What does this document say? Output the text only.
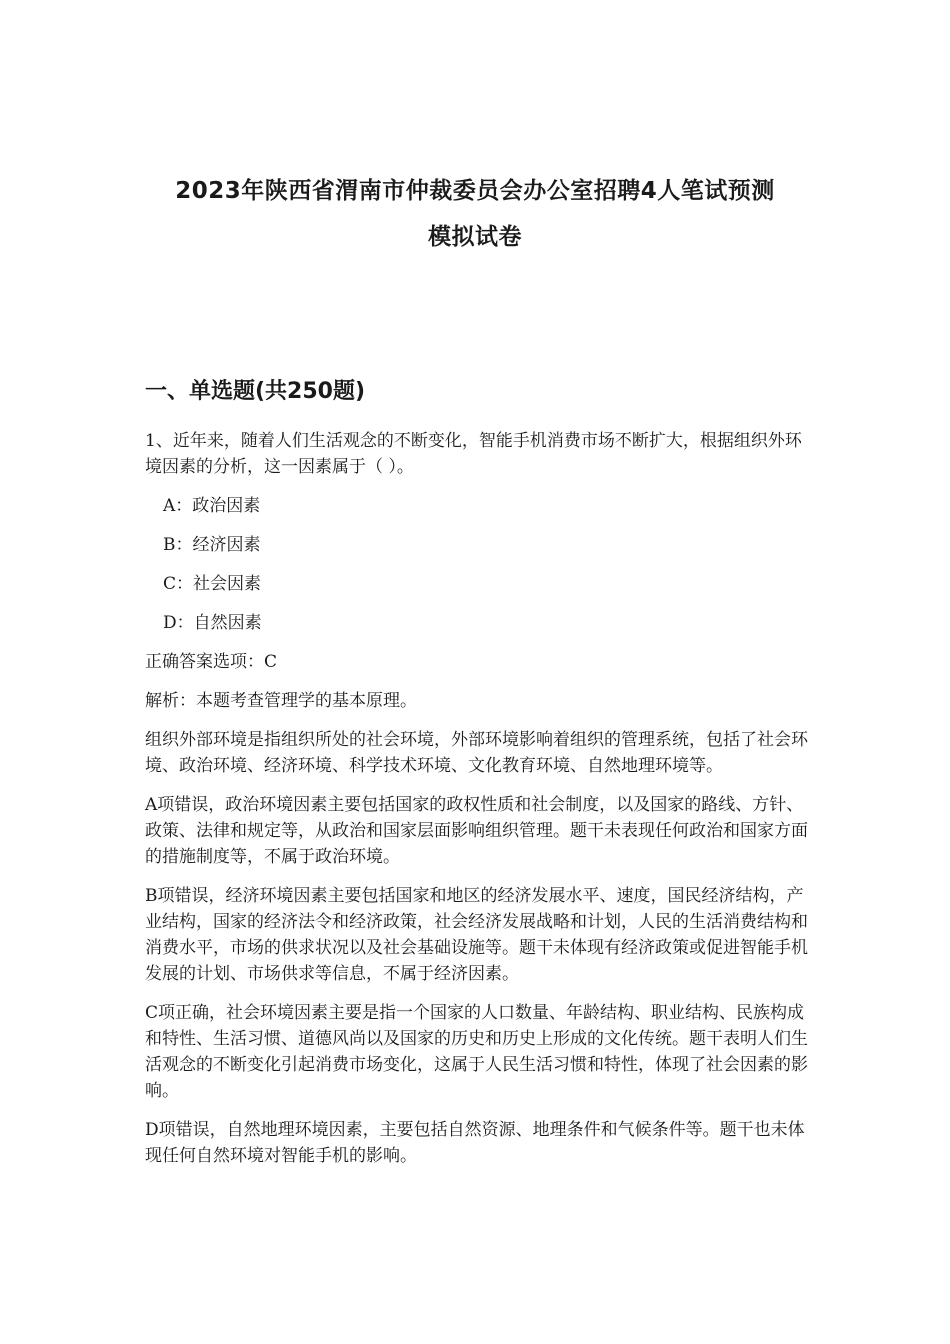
2023年陕西省渭南市仲裁委员会办公室招聘4人笔试预测
模拟试卷
一、单选题(共250题)

1、近年来，随着人们生活观念的不断变化，智能手机消费市场不断扩大，根据组织外环境因素的分析，这一因素属于（ ）。

A：政治因素

B：经济因素

C：社会因素

D：自然因素

正确答案选项：C

解析：本题考查管理学的基本原理。

组织外部环境是指组织所处的社会环境，外部环境影响着组织的管理系统，包括了社会环境、政治环境、经济环境、科学技术环境、文化教育环境、自然地理环境等。

A项错误，政治环境因素主要包括国家的政权性质和社会制度，以及国家的路线、方针、政策、法律和规定等，从政治和国家层面影响组织管理。题干未表现任何政治和国家方面的措施制度等，不属于政治环境。

B项错误，经济环境因素主要包括国家和地区的经济发展水平、速度，国民经济结构，产业结构，国家的经济法令和经济政策，社会经济发展战略和计划，人民的生活消费结构和消费水平，市场的供求状况以及社会基础设施等。题干未体现有经济政策或促进智能手机发展的计划、市场供求等信息，不属于经济因素。

C项正确，社会环境因素主要是指一个国家的人口数量、年龄结构、职业结构、民族构成和特性、生活习惯、道德风尚以及国家的历史和历史上形成的文化传统。题干表明人们生活观念的不断变化引起消费市场变化，这属于人民生活习惯和特性，体现了社会因素的影响。

D项错误，自然地理环境因素，主要包括自然资源、地理条件和气候条件等。题干也未体现任何自然环境对智能手机的影响。
